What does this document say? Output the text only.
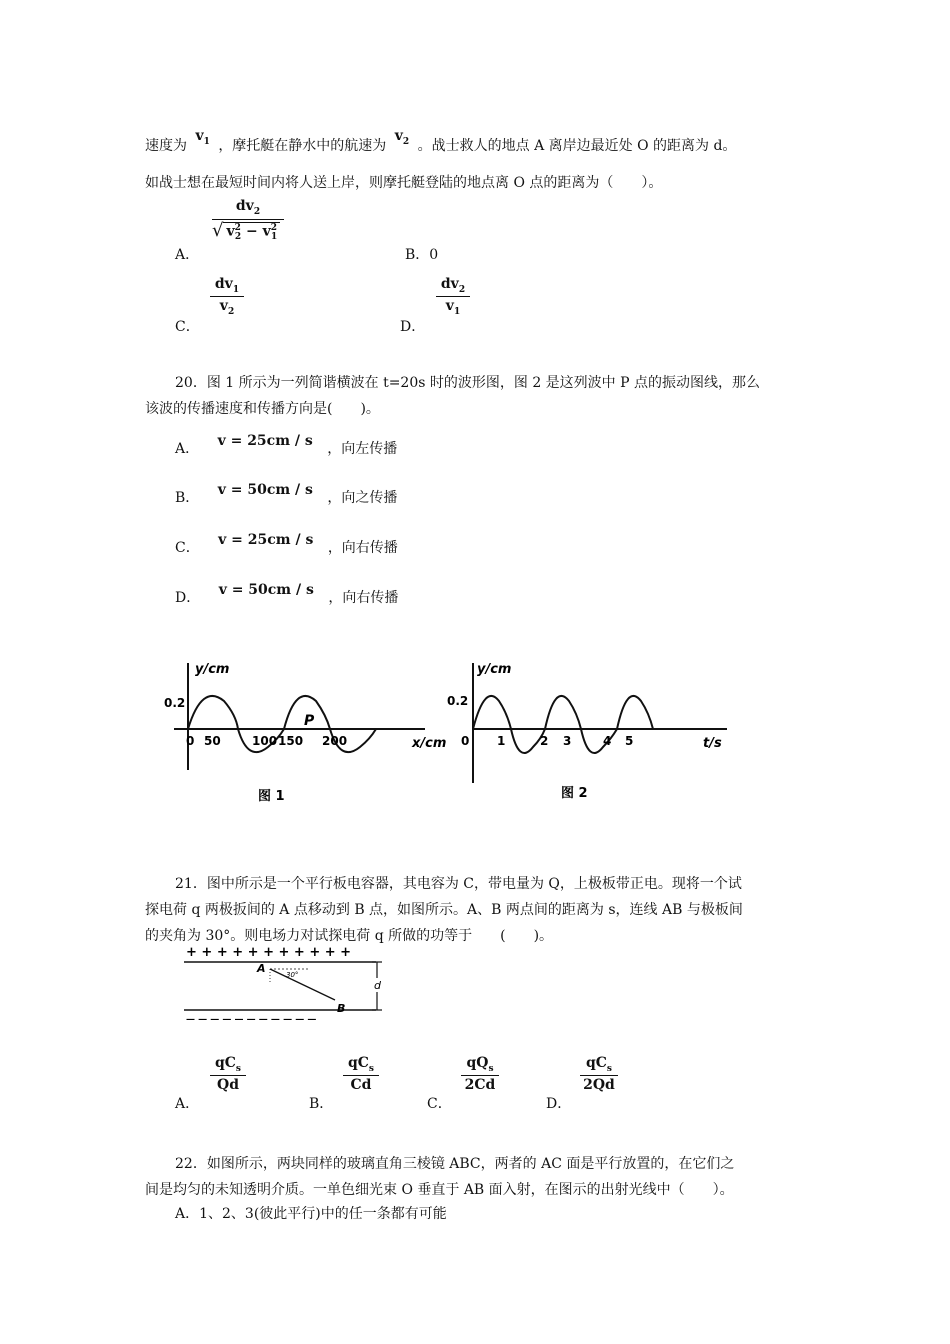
速度为 $v_1$ ，摩托艇在静水中的航速为 $v_2$ 。战士救人的地点 A 离岸边最近处 O 的距离为 d。
如战士想在最短时间内将人送上岸，则摩托艇登陆的地点离 O 点的距离为（　　）。
A．
$dv_2$
√ $v^2_2 - v^2_1$
B．0
C．
$\frac{dv_1}{v_2}$
D．
$\frac{dv_2}{v_1}$
20．图 1 所示为一列简谐横波在 t=20s 时的波形图，图 2 是这列波中 P 点的振动图线，那么
该波的传播速度和传播方向是(　　)。
A． v = 25cm / s ，向左传播
B． v = 50cm / s ，向之传播
C． v = 25cm / s ，向右传播
D． v = 50cm / s ，向右传播
y/cm
0.2
0 50	100 150 200
P
x/cm
图 1
y/cm
0.2
0 1	2 3	4 5	t/s
图 2
21．图中所示是一个平行板电容器，其电容为 C，带电量为 Q，上极板带正电。现将一个试
探电荷 q 两极扳间的 A 点移动到 B 点，如图所示。A、B 两点间的距离为 s，连线 AB 与极板间
的夹角为 30°。则电场力对试探电荷 q 所做的功等于　　(　　)。
+ + + + + + + + + + +
— — — — — — — — — — —
A
B
30°
d
A．
$qC_s$
Qd
B．
$qC_s$
Cd
C．
$qQ_s$
2Cd
D．
$qC_s$
2Qd
22．如图所示，两块同样的玻璃直角三棱镜 ABC，两者的 AC 面是平行放置的，在它们之
间是均匀的未知透明介质。一单色细光束 O 垂直于 AB 面入射，在图示的出射光线中（　　）。
A．1、2、3(彼此平行)中的任一条都有可能
